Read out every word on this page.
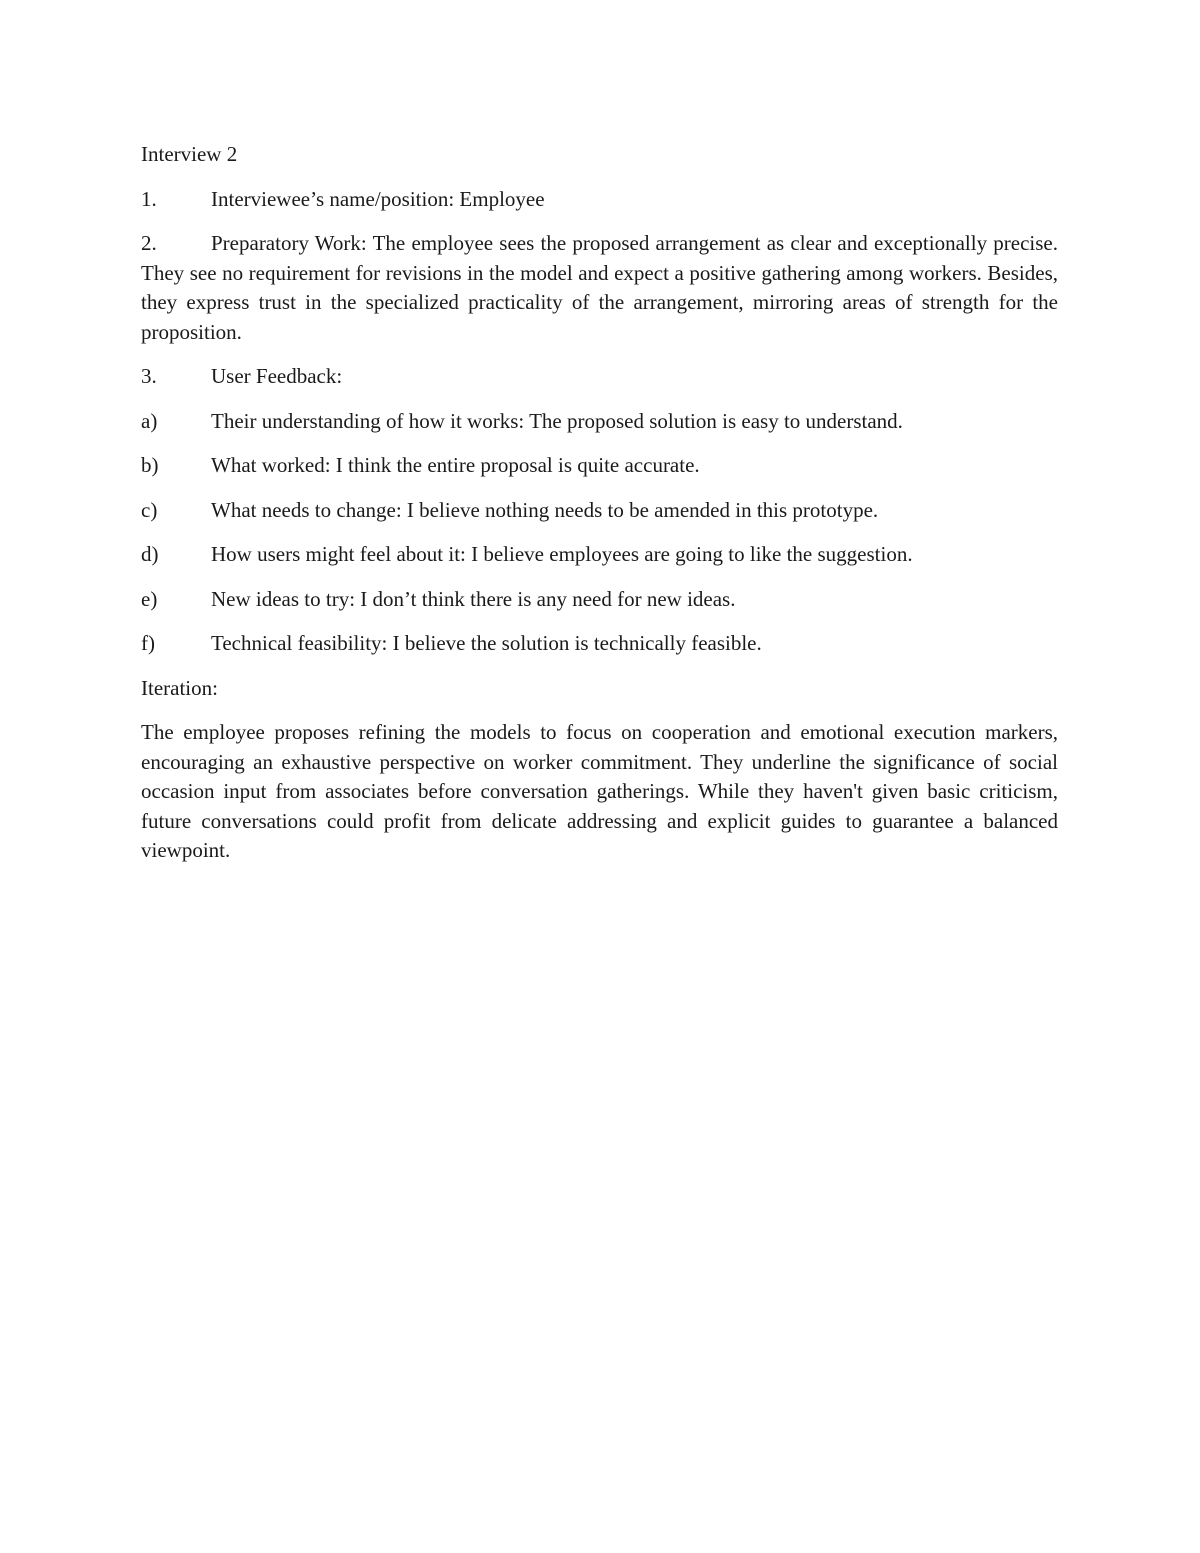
Interview 2

1.	Interviewee’s name/position: Employee

2.	Preparatory Work: The employee sees the proposed arrangement as clear and exceptionally precise. They see no requirement for revisions in the model and expect a positive gathering among workers. Besides, they express trust in the specialized practicality of the arrangement, mirroring areas of strength for the proposition.

3.	User Feedback:
a)	Their understanding of how it works: The proposed solution is easy to understand.
b)	What worked: I think the entire proposal is quite accurate.
c)	What needs to change: I believe nothing needs to be amended in this prototype.
d)	How users might feel about it: I believe employees are going to like the suggestion.
e)	New ideas to try: I don’t think there is any need for new ideas.
f)	Technical feasibility: I believe the solution is technically feasible.

Iteration:

The employee proposes refining the models to focus on cooperation and emotional execution markers, encouraging an exhaustive perspective on worker commitment. They underline the significance of social occasion input from associates before conversation gatherings. While they haven't given basic criticism, future conversations could profit from delicate addressing and explicit guides to guarantee a balanced viewpoint.
